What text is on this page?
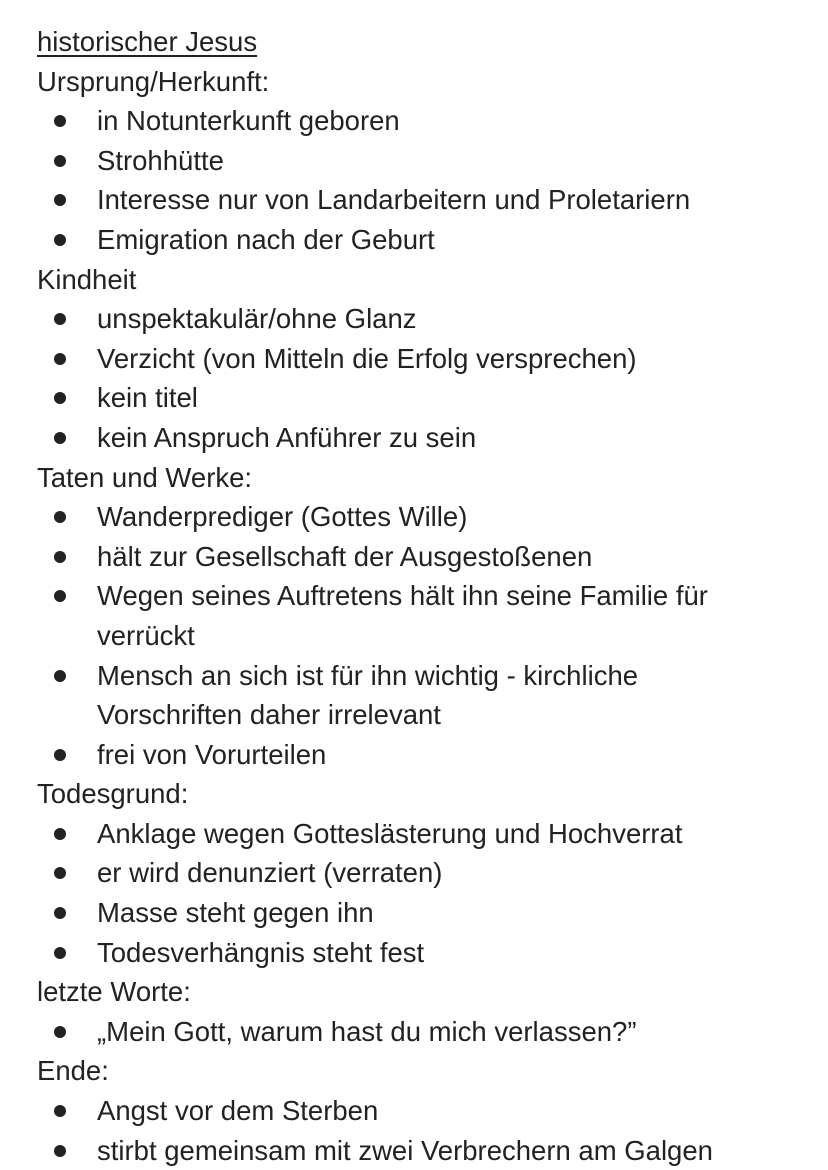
historischer Jesus
Ursprung/Herkunft:
in Notunterkunft geboren
Strohhütte
Interesse nur von Landarbeitern und Proletariern
Emigration nach der Geburt
Kindheit
unspektakulär/ohne Glanz
Verzicht (von Mitteln die Erfolg versprechen)
kein titel
kein Anspruch Anführer zu sein
Taten und Werke:
Wanderprediger (Gottes Wille)
hält zur Gesellschaft der Ausgestoßenen
Wegen seines Auftretens hält ihn seine Familie für verrückt
Mensch an sich ist für ihn wichtig - kirchliche Vorschriften daher irrelevant
frei von Vorurteilen
Todesgrund:
Anklage wegen Gotteslästerung und Hochverrat
er wird denunziert (verraten)
Masse steht gegen ihn
Todesverhängnis steht fest
letzte Worte:
„Mein Gott, warum hast du mich verlassen?”
Ende:
Angst vor dem Sterben
stirbt gemeinsam mit zwei Verbrechern am Galgen
